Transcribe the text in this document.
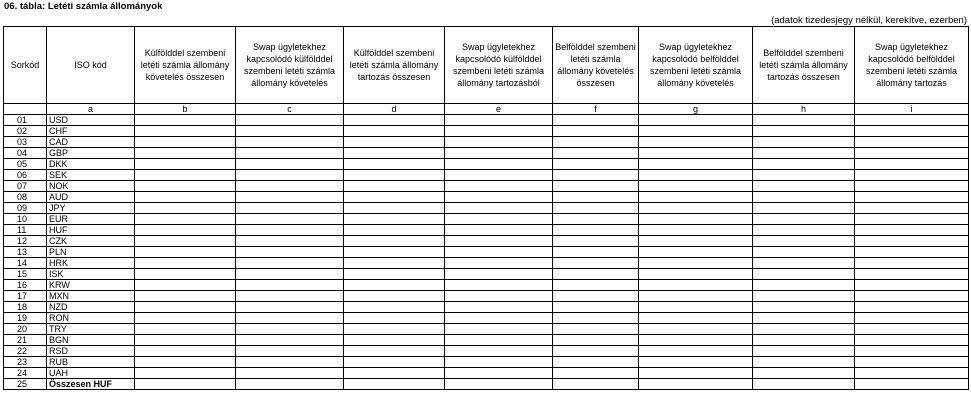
06. tábla: Letéti számla állományok
(adatok tizedesjegy nélkül, kerekítve, ezerben)
Sorkód	ISO kód	Külfölddel szembeni letéti számla állomány követelés összesen	Swap ügyletekhez kapcsolódó külfölddel szembeni letéti számla állomány követelés	Külfölddel szembeni letéti számla állomány tartozás összesen	Swap ügyletekhez kapcsolódó külfölddel szembeni letéti számla állomány tartozásból	Belfölddel szembeni letéti számla állomány követelés összesen	Swap ügyletekhez kapcsolódó belfölddel szembeni letéti számla állomány követelés	Belfölddel szembeni letéti számla állomány tartozás összesen	Swap ügyletekhez kapcsolódó belfölddel szembeni letéti számla állomány tartozás
	a	b	c	d	e	f	g	h	i
01	USD								
02	CHF								
03	CAD								
04	GBP								
05	DKK								
06	SEK								
07	NOK								
08	AUD								
09	JPY								
10	EUR								
11	HUF								
12	CZK								
13	PLN								
14	HRK								
15	ISK								
16	KRW								
17	MXN								
18	NZD								
19	RON								
20	TRY								
21	BGN								
22	RSD								
23	RUB								
24	UAH								
25	Összesen HUF								
